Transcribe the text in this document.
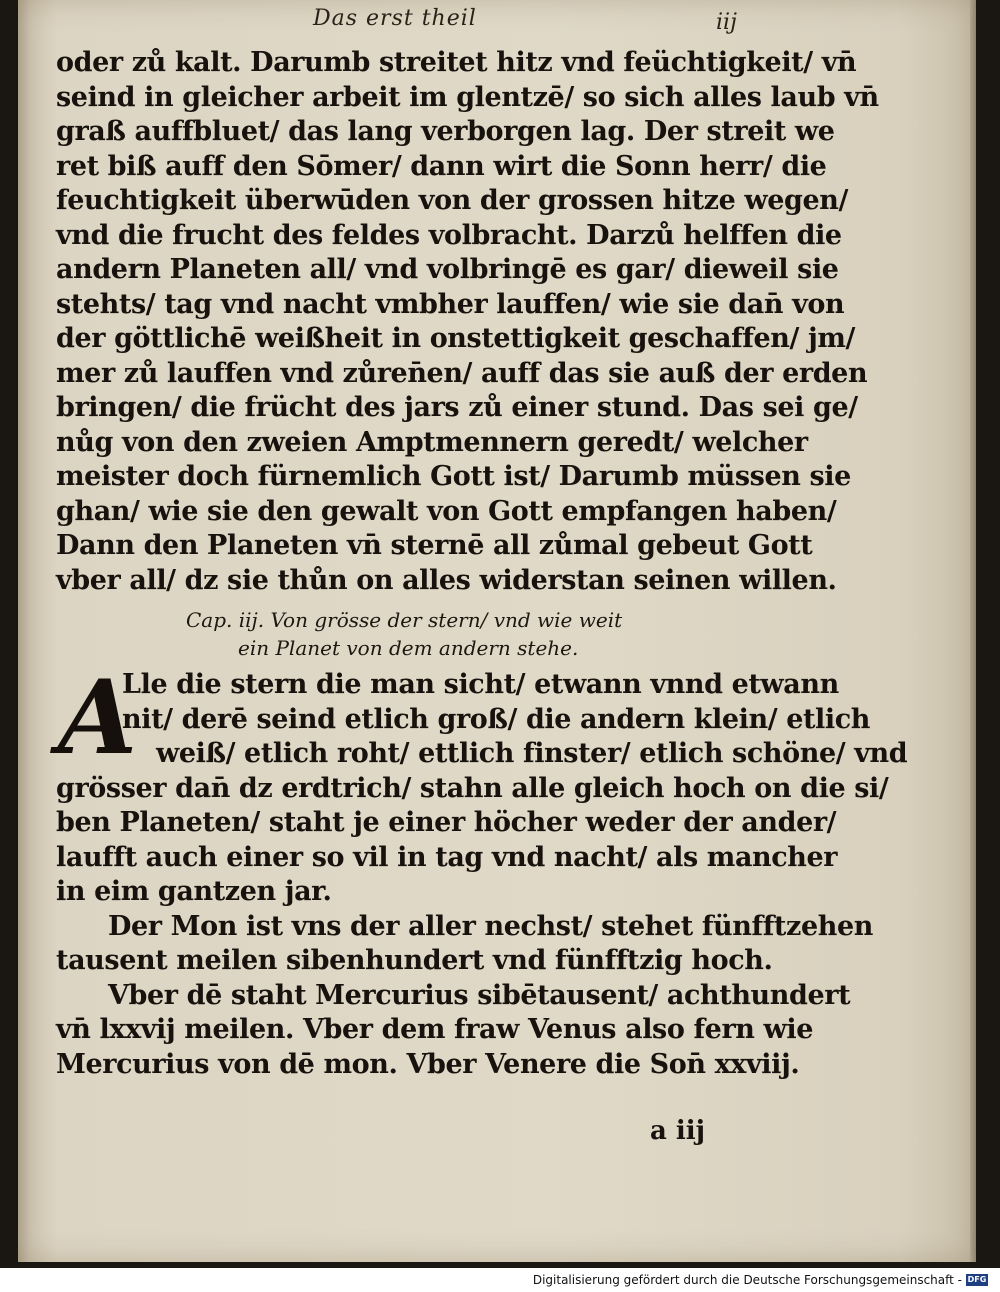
Das erst theil	iij
oder zů kalt. Darumb streitet hitz vnd feüchtigkeit/ vn̄
seind in gleicher arbeit im glentzē/ so sich alles laub vn̄
graß auffbluet/ das lang verborgen lag. Der streit we
ret biß auff den Sōmer/ dann wirt die Sonn herr/ die
feuchtigkeit überwūden von der grossen hitze wegen/
vnd die frucht des feldes volbracht. Darzů helffen die
andern Planeten all/ vnd volbringē es gar/ dieweil sie
stehts/ tag vnd nacht vmbher lauffen/ wie sie dan̄ von
der göttlichē weißheit in onstettigkeit geschaffen/ jm/
mer zů lauffen vnd zůren̄en/ auff das sie auß der erden
bringen/ die frücht des jars zů einer stund. Das sei ge/
nůg von den zweien Amptmennern geredt/ welcher
meister doch fürnemlich Gott ist/ Darumb müssen sie
ghan/ wie sie den gewalt von Gott empfangen haben/
Dann den Planeten vn̄ sternē all zůmal gebeut Gott
vber all/ dz sie thůn on alles widerstan seinen willen.
Cap. iij. Von grösse der stern/ vnd wie weit
ein Planet von dem andern stehe.
A
Lle die stern die man sicht/ etwann vnnd etwann
nit/ derē seind etlich groß/ die andern klein/ etlich
weiß/ etlich roht/ ettlich finster/ etlich schöne/ vnd
grösser dan̄ dz erdtrich/ stahn alle gleich hoch on die si/
ben Planeten/ staht je einer höcher weder der ander/
laufft auch einer so vil in tag vnd nacht/ als mancher
in eim gantzen jar.
Der Mon ist vns der aller nechst/ stehet fünfftzehen
tausent meilen sibenhundert vnd fünfftzig hoch.
Vber dē staht Mercurius sibētausent/ achthundert
vn̄ lxxvij meilen. Vber dem fraw Venus also fern wie
Mercurius von dē mon. Vber Venere die Son̄ xxviij.
a iij
Digitalisierung gefördert durch die Deutsche Forschungsgemeinschaft - DFG
